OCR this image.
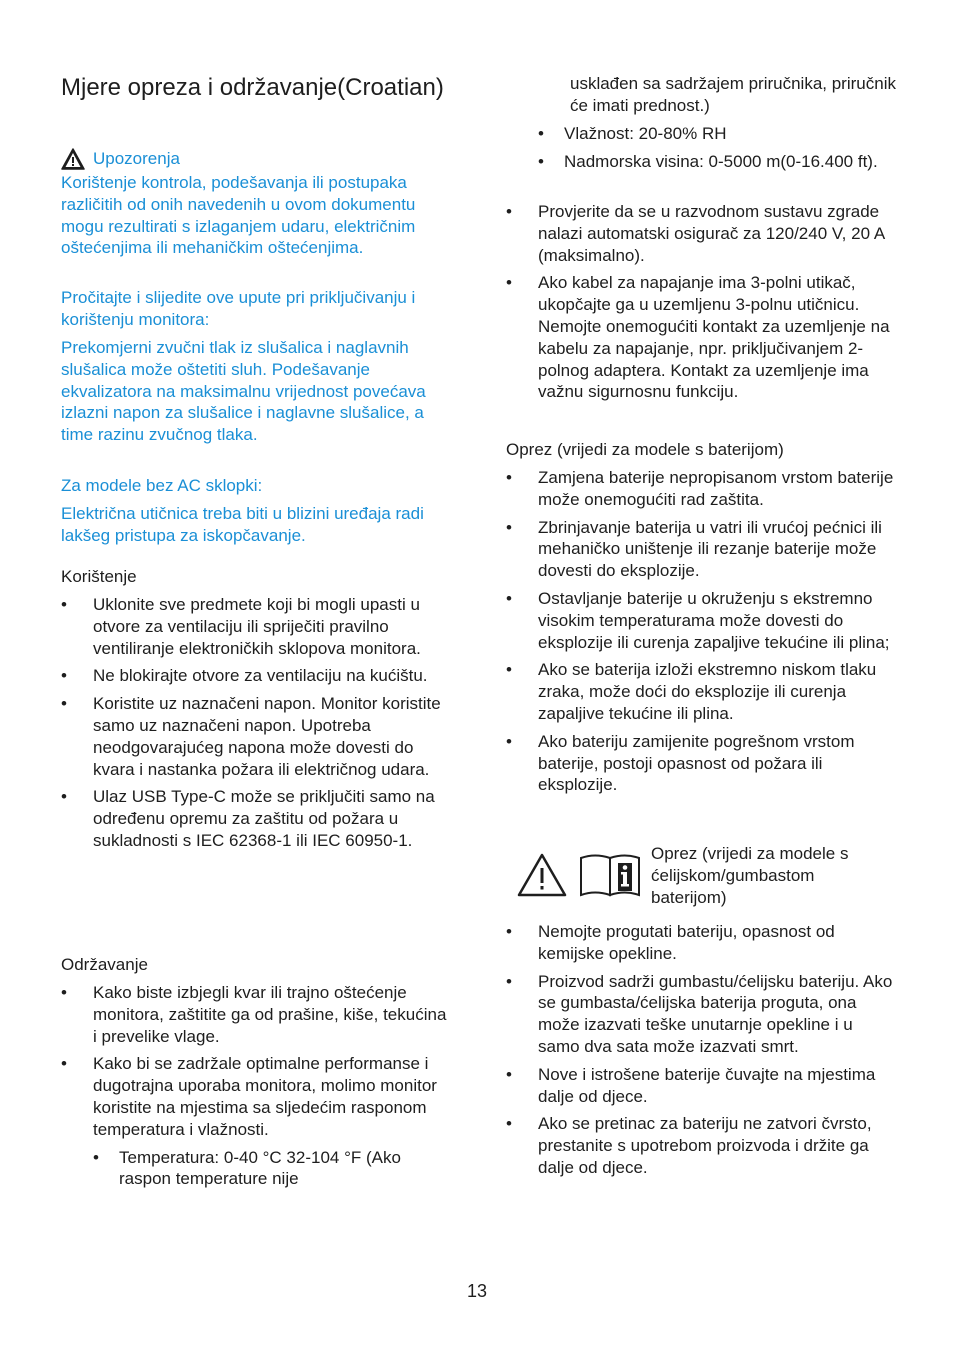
Mjere opreza i održavanje(Croatian)
Upozorenja

Korištenje kontrola, podešavanja ili postupaka različitih od onih navedenih u ovom dokumentu mogu rezultirati s izlaganjem udaru, električnim oštećenjima ili mehaničkim oštećenjima.

Pročitajte i slijedite ove upute pri priključivanju i korištenju monitora:

Prekomjerni zvučni tlak iz slušalica i naglavnih slušalica može oštetiti sluh. Podešavanje ekvalizatora na maksimalnu vrijednost povećava izlazni napon za slušalice i naglavne slušalice, a time razinu zvučnog tlaka.

Za modele bez AC sklopki:

Električna utičnica treba biti u blizini uređaja radi lakšeg pristupa za iskopčavanje.

Korištenje

• Uklonite sve predmete koji bi mogli upasti u otvore za ventilaciju ili spriječiti pravilno ventiliranje elektroničkih sklopova monitora.
• Ne blokirajte otvore za ventilaciju na kućištu.
• Koristite uz naznačeni napon. Monitor koristite samo uz naznačeni napon. Upotreba neodgovarajućeg napona može dovesti do kvara i nastanka požara ili električnog udara.
• Ulaz USB Type-C može se priključiti samo na određenu opremu za zaštitu od požara u sukladnosti s IEC 62368-1 ili IEC 60950-1.

Održavanje

• Kako biste izbjegli kvar ili trajno oštećenje monitora, zaštitite ga od prašine, kiše, tekućina i prevelike vlage.
• Kako bi se zadržale optimalne performanse i dugotrajna uporaba monitora, molimo monitor koristite na mjestima sa sljedećim rasponom temperatura i vlažnosti.
• Temperatura: 0-40 °C 32-104 °F (Ako raspon temperature nije

usklađen sa sadržajem priručnika, priručnik će imati prednost.)

• Vlažnost: 20-80% RH
• Nadmorska visina: 0-5000 m(0-16.400 ft).
• Provjerite da se u razvodnom sustavu zgrade nalazi automatski osigurač za 120/240 V, 20 A (maksimalno).
• Ako kabel za napajanje ima 3-polni utikač, ukopčajte ga u uzemljenu 3-polnu utičnicu. Nemojte onemogućiti kontakt za uzemljenje na kabelu za napajanje, npr. priključivanjem 2-polnog adaptera. Kontakt za uzemljenje ima važnu sigurnosnu funkciju.

Oprez (vrijedi za modele s baterijom)

• Zamjena baterije nepropisanom vrstom baterije može onemogućiti rad zaštita.
• Zbrinjavanje baterija u vatri ili vrućoj pećnici ili mehaničko uništenje ili rezanje baterije može dovesti do eksplozije.
• Ostavljanje baterije u okruženju s ekstremno visokim temperaturama može dovesti do eksplozije ili curenja zapaljive tekućine ili plina;
• Ako se baterija izloži ekstremno niskom tlaku zraka, može doći do eksplozije ili curenja zapaljive tekućine ili plina.
• Ako bateriju zamijenite pogrešnom vrstom baterije, postoji opasnost od požara ili eksplozije.

Oprez (vrijedi za modele s ćelijskom/gumbastom baterijom)

• Nemojte progutati bateriju, opasnost od kemijske opekline.
• Proizvod sadrži gumbastu/ćelijsku bateriju. Ako se gumbasta/ćelijska baterija proguta, ona može izazvati teške unutarnje opekline i u samo dva sata može izazvati smrt.
• Nove i istrošene baterije čuvajte na mjestima dalje od djece.
• Ako se pretinac za bateriju ne zatvori čvrsto, prestanite s upotrebom proizvoda i držite ga dalje od djece.
13
